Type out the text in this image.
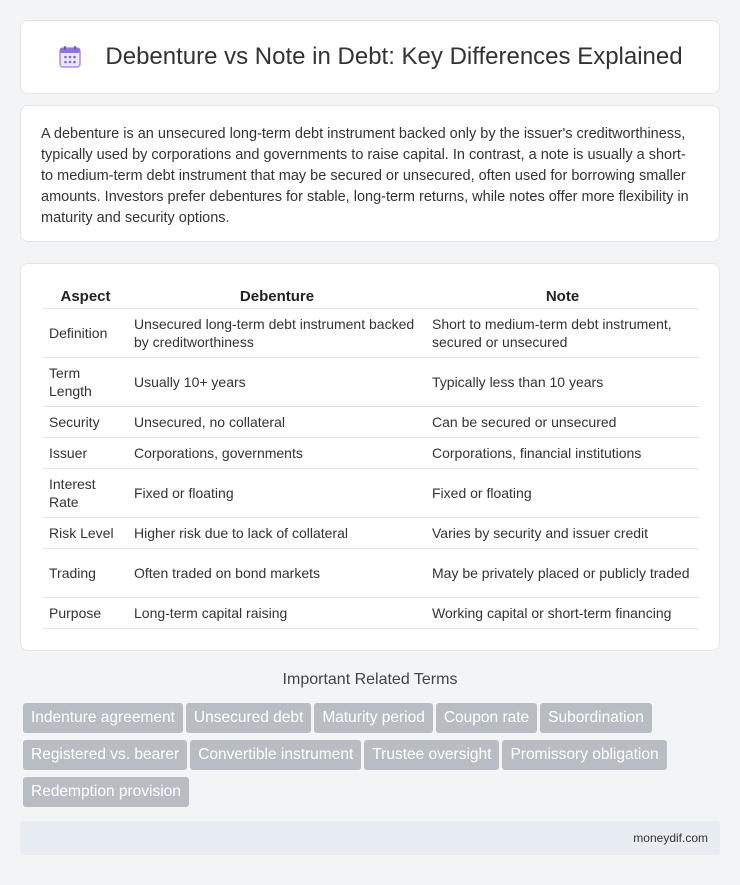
Debenture vs Note in Debt: Key Differences Explained

A debenture is an unsecured long-term debt instrument backed only by the issuer's creditworthiness, typically used by corporations and governments to raise capital. In contrast, a note is usually a short- to medium-term debt instrument that may be secured or unsecured, often used for borrowing smaller amounts. Investors prefer debentures for stable, long-term returns, while notes offer more flexibility in maturity and security options.

Aspect	Debenture	Note
Definition	Unsecured long-term debt instrument backed by creditworthiness	Short to medium-term debt instrument, secured or unsecured
Term Length	Usually 10+ years	Typically less than 10 years
Security	Unsecured, no collateral	Can be secured or unsecured
Issuer	Corporations, governments	Corporations, financial institutions
Interest Rate	Fixed or floating	Fixed or floating
Risk Level	Higher risk due to lack of collateral	Varies by security and issuer credit
Trading	Often traded on bond markets	May be privately placed or publicly traded
Purpose	Long-term capital raising	Working capital or short-term financing
Important Related Terms
Indenture agreement Unsecured debt Maturity period Coupon rate Subordination
Registered vs. bearer Convertible instrument Trustee oversight Promissory obligation
Redemption provision
moneydif.com
